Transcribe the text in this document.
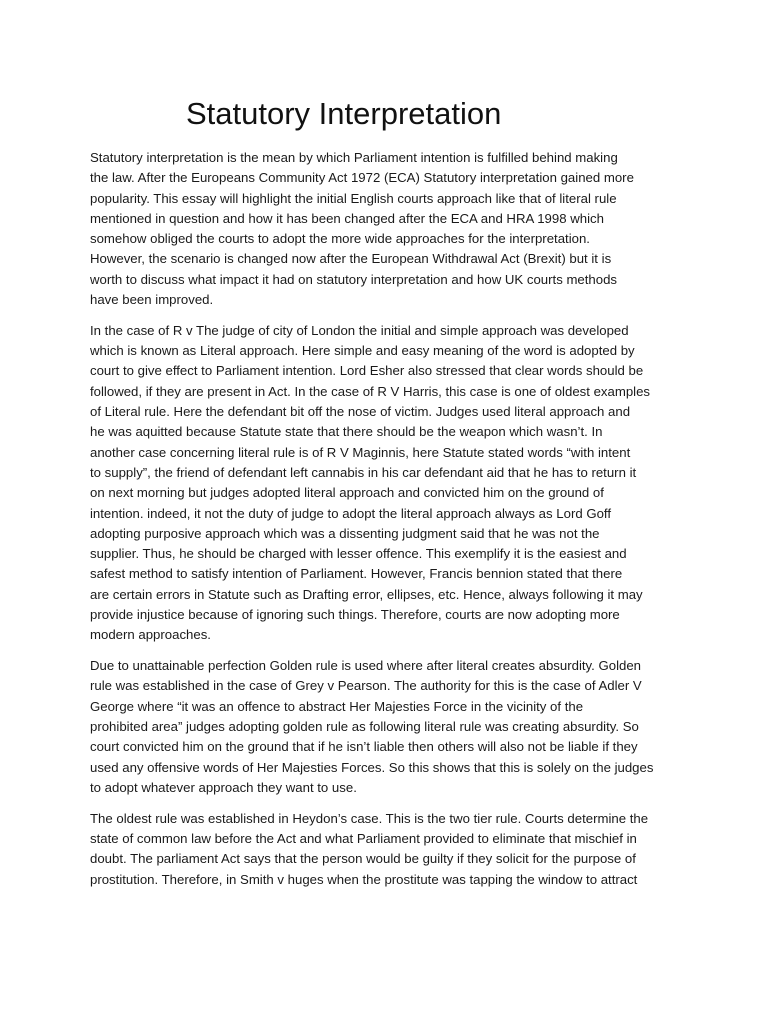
Statutory Interpretation

Statutory interpretation is the mean by which Parliament intention is fulfilled behind making
the law. After the Europeans Community Act 1972 (ECA) Statutory interpretation gained more
popularity. This essay will highlight the initial English courts approach like that of literal rule
mentioned in question and how it has been changed after the ECA and HRA 1998 which
somehow obliged the courts to adopt the more wide approaches for the interpretation.
However, the scenario is changed now after the European Withdrawal Act (Brexit) but it is
worth to discuss what impact it had on statutory interpretation and how UK courts methods
have been improved.

In the case of R v The judge of city of London the initial and simple approach was developed
which is known as Literal approach. Here simple and easy meaning of the word is adopted by
court to give effect to Parliament intention. Lord Esher also stressed that clear words should be
followed, if they are present in Act. In the case of R V Harris, this case is one of oldest examples
of Literal rule. Here the defendant bit off the nose of victim. Judges used literal approach and
he was aquitted because Statute state that there should be the weapon which wasn’t. In
another case concerning literal rule is of R V Maginnis, here Statute stated words “with intent
to supply”, the friend of defendant left cannabis in his car defendant aid that he has to return it
on next morning but judges adopted literal approach and convicted him on the ground of
intention. indeed, it not the duty of judge to adopt the literal approach always as Lord Goff
adopting purposive approach which was a dissenting judgment said that he was not the
supplier. Thus, he should be charged with lesser offence. This exemplify it is the easiest and
safest method to satisfy intention of Parliament. However, Francis bennion stated that there
are certain errors in Statute such as Drafting error, ellipses, etc. Hence, always following it may
provide injustice because of ignoring such things. Therefore, courts are now adopting more
modern approaches.

Due to unattainable perfection Golden rule is used where after literal creates absurdity. Golden
rule was established in the case of Grey v Pearson. The authority for this is the case of Adler V
George where “it was an offence to abstract Her Majesties Force in the vicinity of the
prohibited area” judges adopting golden rule as following literal rule was creating absurdity. So
court convicted him on the ground that if he isn’t liable then others will also not be liable if they
used any offensive words of Her Majesties Forces. So this shows that this is solely on the judges
to adopt whatever approach they want to use.

The oldest rule was established in Heydon’s case. This is the two tier rule. Courts determine the
state of common law before the Act and what Parliament provided to eliminate that mischief in
doubt. The parliament Act says that the person would be guilty if they solicit for the purpose of
prostitution. Therefore, in Smith v huges when the prostitute was tapping the window to attract
